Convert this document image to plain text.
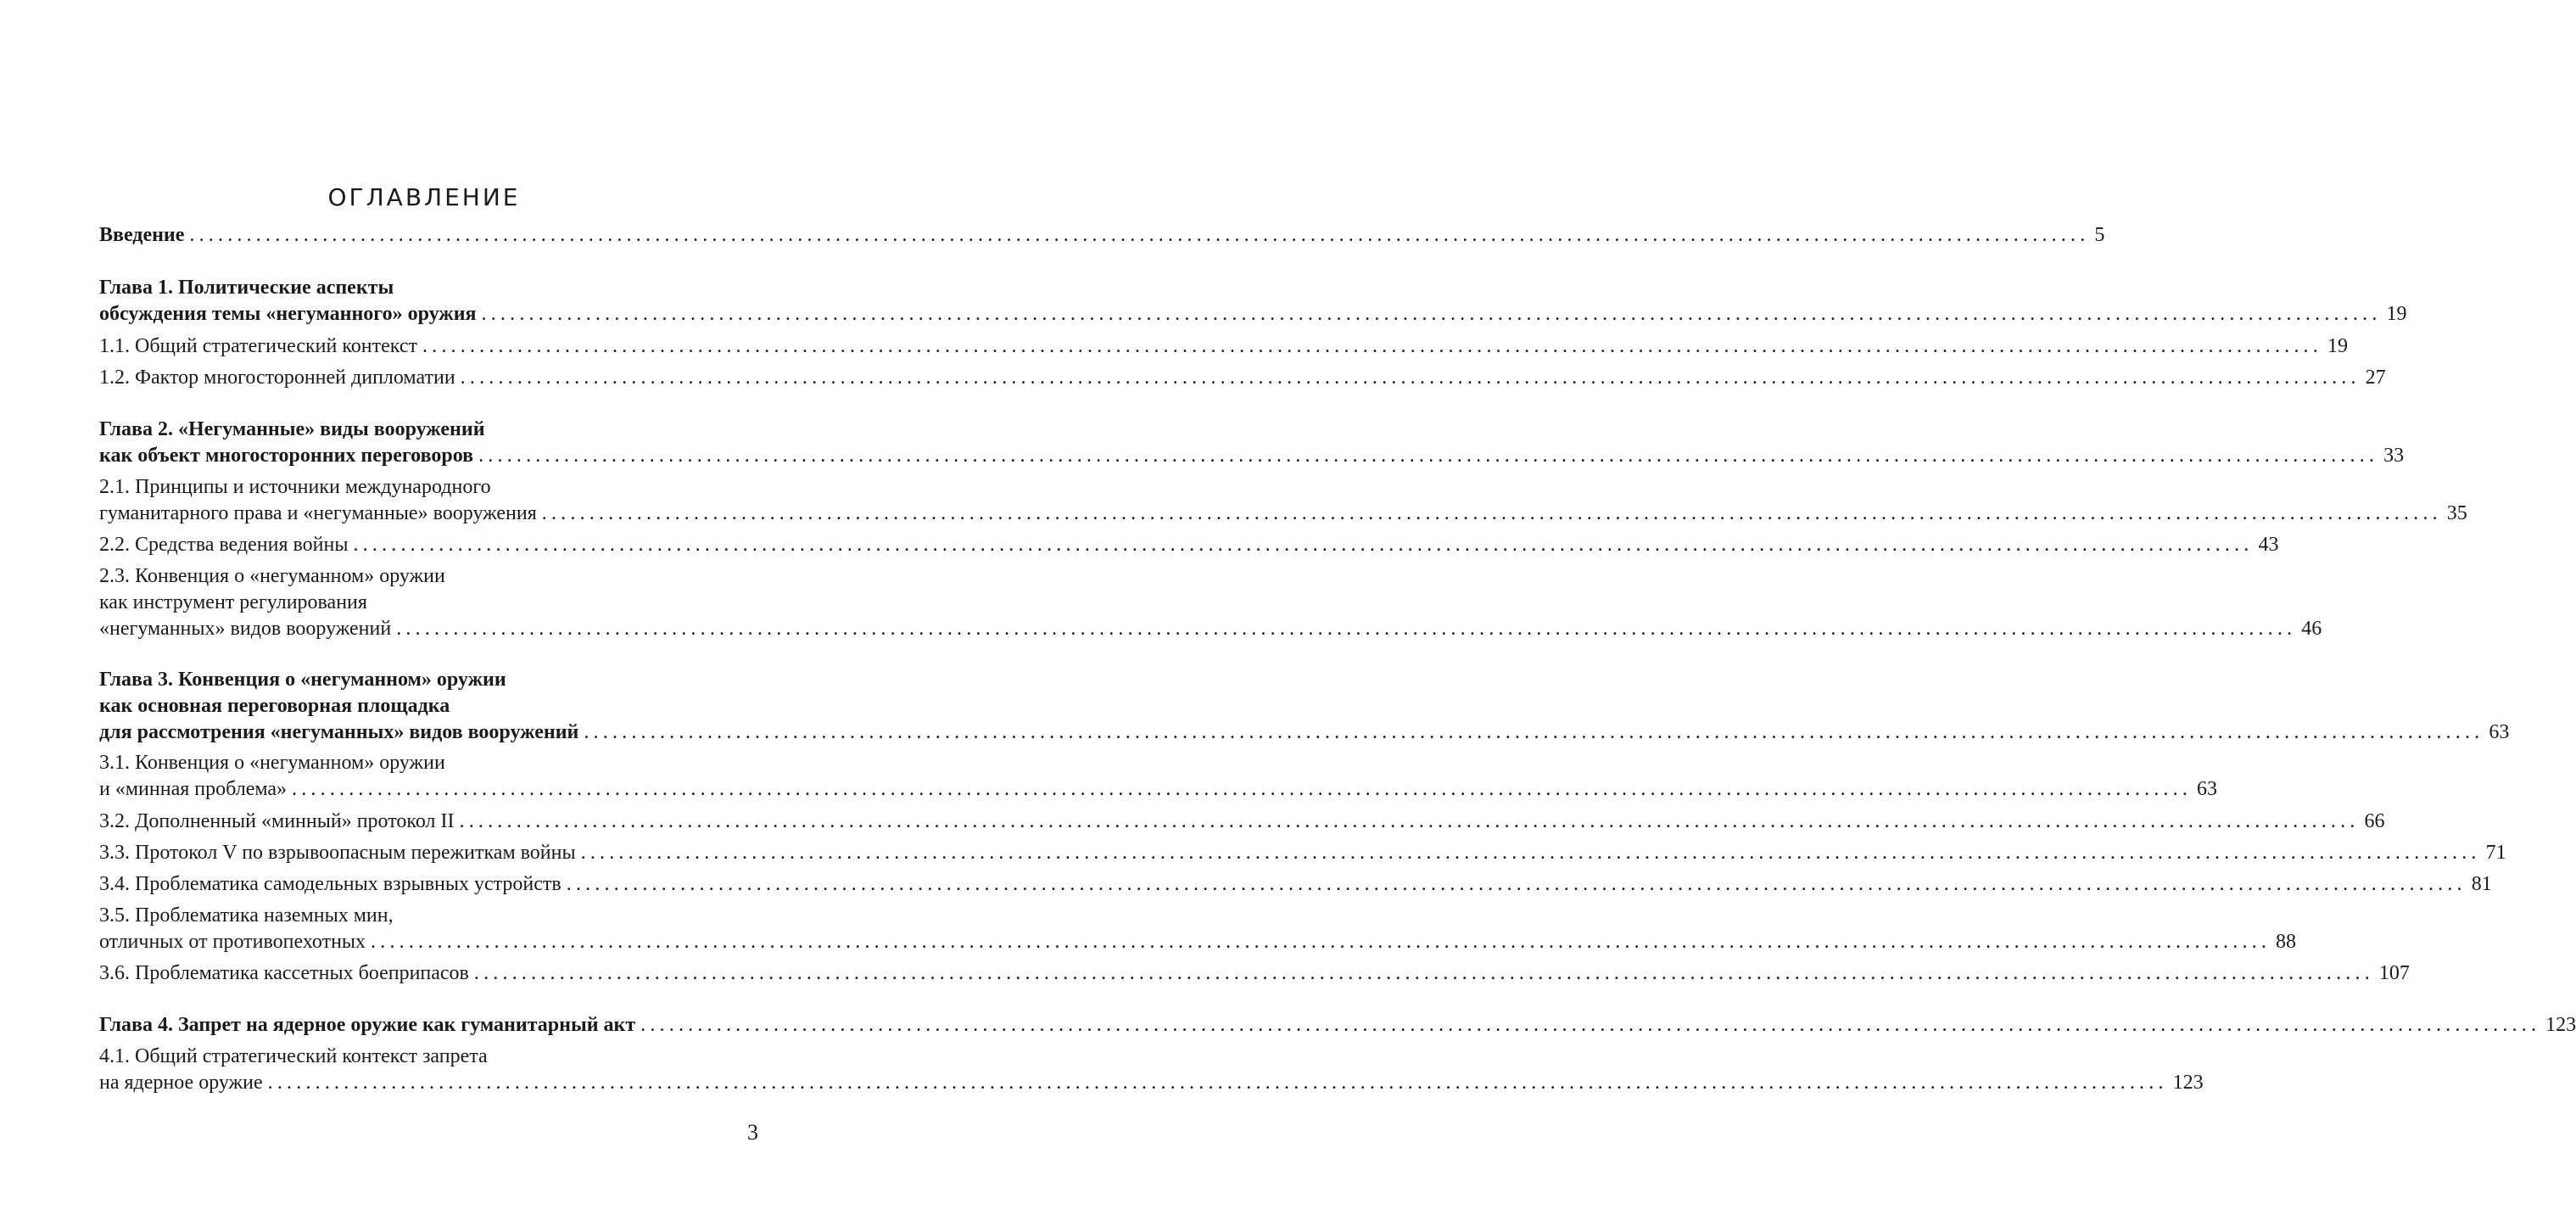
ОГЛАВЛЕНИЕ
Введение ........................................................................................................................................................................................................ 5
Глава 1. Политические аспекты
обсуждения темы «негуманного» оружия ........................................................................................................................................................................................................ 19
1.1. Общий стратегический контекст ........................................................................................................................................................................................................ 19
1.2. Фактор многосторонней дипломатии ........................................................................................................................................................................................................ 27
Глава 2. «Негуманные» виды вооружений
как объект многосторонних переговоров ........................................................................................................................................................................................................ 33
2.1. Принципы и источники международного
гуманитарного права и «негуманные» вооружения ........................................................................................................................................................................................................ 35
2.2. Средства ведения войны ........................................................................................................................................................................................................ 43
2.3. Конвенция о «негуманном» оружии
как инструмент регулирования
«негуманных» видов вооружений ........................................................................................................................................................................................................ 46
Глава 3. Конвенция о «негуманном» оружии
как основная переговорная площадка
для рассмотрения «негуманных» видов вооружений ........................................................................................................................................................................................................ 63
3.1. Конвенция о «негуманном» оружии
и «минная проблема» ........................................................................................................................................................................................................ 63
3.2. Дополненный «минный» протокол II ........................................................................................................................................................................................................ 66
3.3. Протокол V по взрывоопасным пережиткам войны ........................................................................................................................................................................................................ 71
3.4. Проблематика самодельных взрывных устройств ........................................................................................................................................................................................................ 81
3.5. Проблематика наземных мин,
отличных от противопехотных ........................................................................................................................................................................................................ 88
3.6. Проблематика кассетных боеприпасов ........................................................................................................................................................................................................ 107
Глава 4. Запрет на ядерное оружие как гуманитарный акт ........................................................................................................................................................................................................ 123
4.1. Общий стратегический контекст запрета
на ядерное оружие ........................................................................................................................................................................................................ 123
3
